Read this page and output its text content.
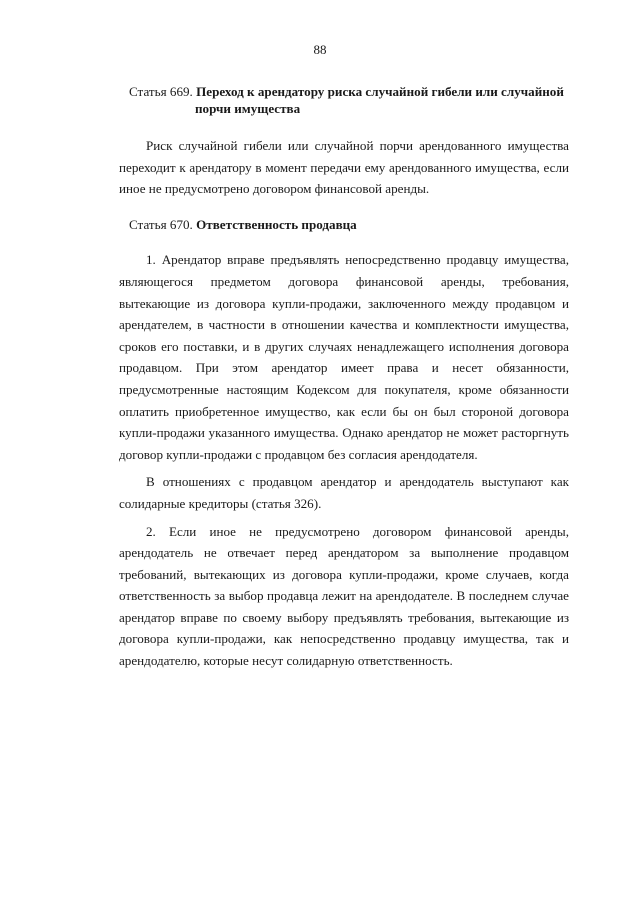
88

Статья 669. Переход к арендатору риска случайной гибели или случайной порчи имущества

Риск случайной гибели или случайной порчи арендованного имущества переходит к арендатору в момент передачи ему арендованного имущества, если иное не предусмотрено договором финансовой аренды.

Статья 670. Ответственность продавца

1. Арендатор вправе предъявлять непосредственно продавцу имущества, являющегося предметом договора финансовой аренды, требования, вытекающие из договора купли-продажи, заключенного между продавцом и арендателем, в частности в отношении качества и комплектности имущества, сроков его поставки, и в других случаях ненадлежащего исполнения договора продавцом. При этом арендатор имеет права и несет обязанности, предусмотренные настоящим Кодексом для покупателя, кроме обязанности оплатить приобретенное имущество, как если бы он был стороной договора купли-продажи указанного имущества. Однако арендатор не может расторгнуть договор купли-продажи с продавцом без согласия арендодателя.

В отношениях с продавцом арендатор и арендодатель выступают как солидарные кредиторы (статья 326).

2. Если иное не предусмотрено договором финансовой аренды, арендодатель не отвечает перед арендатором за выполнение продавцом требований, вытекающих из договора купли-продажи, кроме случаев, когда ответственность за выбор продавца лежит на арендодателе. В последнем случае арендатор вправе по своему выбору предъявлять требования, вытекающие из договора купли-продажи, как непосредственно продавцу имущества, так и арендодателю, которые несут солидарную ответственность.
